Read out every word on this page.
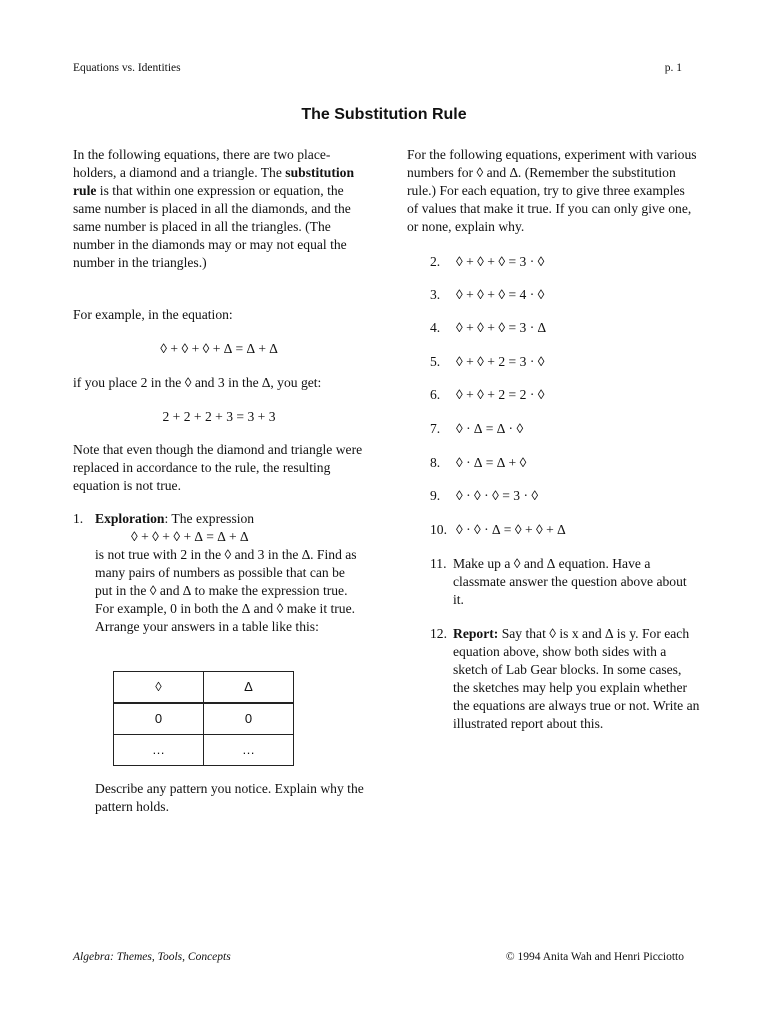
Equations vs. Identities	p. 1
The Substitution Rule

In the following equations, there are two place-holders, a diamond and a triangle. The substitution rule is that within one expression or equation, the same number is placed in all the diamonds, and the same number is placed in all the triangles. (The number in the diamonds may or may not equal the number in the triangles.)

For example, in the equation:
◊ + ◊ + ◊ + ∆ = ∆ + ∆
if you place 2 in the ◊ and 3 in the ∆, you get:
2 + 2 + 2 + 3 = 3 + 3
Note that even though the diamond and triangle were replaced in accordance to the rule, the resulting equation is not true.
1. Exploration: The expression
◊ + ◊ + ◊ + ∆ = ∆ + ∆
is not true with 2 in the ◊ and 3 in the ∆. Find as many pairs of numbers as possible that can be put in the ◊ and ∆ to make the expression true. For example, 0 in both the ∆ and ◊ make it true. Arrange your answers in a table like this:
◊	∆
0	0
…	…
Describe any pattern you notice. Explain why the pattern holds.
For the following equations, experiment with various numbers for ◊ and ∆. (Remember the substitution rule.) For each equation, try to give three examples of values that make it true. If you can only give one, or none, explain why.
2. ◊ + ◊ + ◊ = 3 · ◊
3. ◊ + ◊ + ◊ = 4 · ◊
4. ◊ + ◊ + ◊ = 3 · ∆
5. ◊ + ◊ + 2 = 3 · ◊
6. ◊ + ◊ + 2 = 2 · ◊
7. ◊ · ∆ = ∆ · ◊
8. ◊ · ∆ = ∆ + ◊
9. ◊ · ◊ · ◊ = 3 · ◊
10. ◊ · ◊ · ∆ = ◊ + ◊ + ∆
11. Make up a ◊ and ∆ equation. Have a classmate answer the question above about it.
12. Report: Say that ◊ is x and ∆ is y. For each equation above, show both sides with a sketch of Lab Gear blocks. In some cases, the sketches may help you explain whether the equations are always true or not. Write an illustrated report about this.
Algebra: Themes, Tools, Concepts	© 1994 Anita Wah and Henri Picciotto
